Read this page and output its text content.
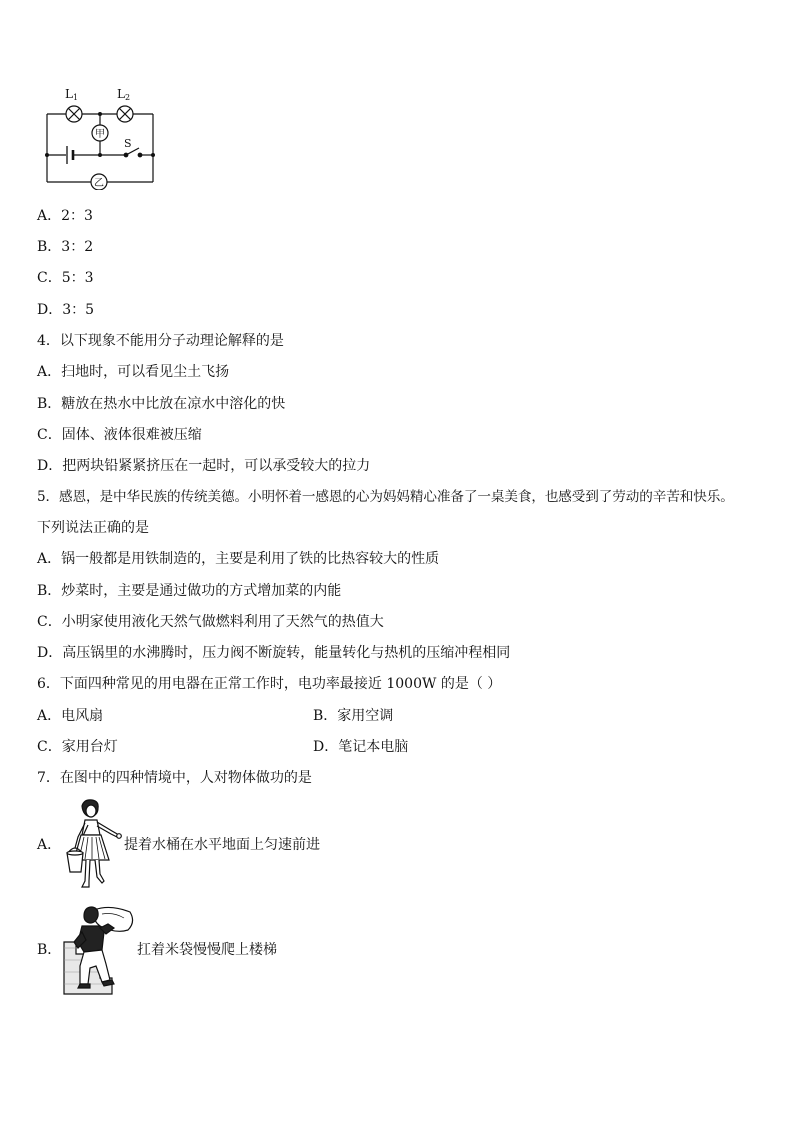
L1	L2
甲
乙
S
A．2：3
B．3：2
C．5：3
D．3：5
4．以下现象不能用分子动理论解释的是
A．扫地时，可以看见尘土飞扬
B．糖放在热水中比放在凉水中溶化的快
C．固体、液体很难被压缩
D．把两块铅紧紧挤压在一起时，可以承受较大的拉力
5．感恩，是中华民族的传统美德。小明怀着一感恩的心为妈妈精心准备了一桌美食，也感受到了劳动的辛苦和快乐。
下列说法正确的是
A．锅一般都是用铁制造的，主要是利用了铁的比热容较大的性质
B．炒菜时，主要是通过做功的方式增加菜的内能
C．小明家使用液化天然气做燃料利用了天然气的热值大
D．高压锅里的水沸腾时，压力阀不断旋转，能量转化与热机的压缩冲程相同
6．下面四种常见的用电器在正常工作时，电功率最接近 1000W 的是（ ）
A．电风扇	B．家用空调
C．家用台灯	D．笔记本电脑
7．在图中的四种情境中，人对物体做功的是
A．	提着水桶在水平地面上匀速前进
B．	扛着米袋慢慢爬上楼梯
